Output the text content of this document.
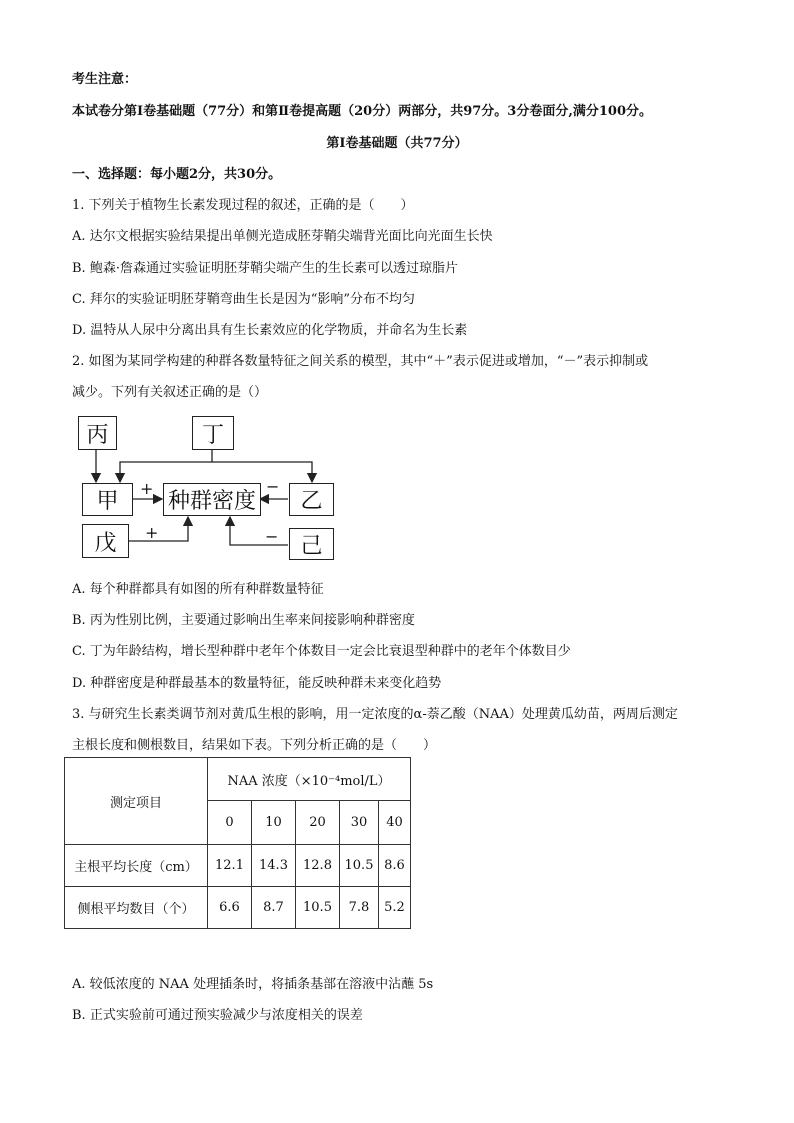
考生注意：
本试卷分第Ⅰ卷基础题（77分）和第Ⅱ卷提高题（20分）两部分，共97分。3分卷面分,满分100分。
第Ⅰ卷基础题（共77分）
一、选择题：每小题2分，共30分。
1. 下列关于植物生长素发现过程的叙述，正确的是（　　）
A. 达尔文根据实验结果提出单侧光造成胚芽鞘尖端背光面比向光面生长快
B. 鲍森·詹森通过实验证明胚芽鞘尖端产生的生长素可以透过琼脂片
C. 拜尔的实验证明胚芽鞘弯曲生长是因为“影响”分布不均匀
D. 温特从人尿中分离出具有生长素效应的化学物质，并命名为生长素
2. 如图为某同学构建的种群各数量特征之间关系的模型，其中“＋”表示促进或增加，“－”表示抑制或
减少。下列有关叙述正确的是（）
丙	丁
甲	种群密度	乙
戊	己
+	−
+	−
A. 每个种群都具有如图的所有种群数量特征
B. 丙为性别比例，主要通过影响出生率来间接影响种群密度
C. 丁为年龄结构，增长型种群中老年个体数目一定会比衰退型种群中的老年个体数目少
D. 种群密度是种群最基本的数量特征，能反映种群未来变化趋势
3. 与研究生长素类调节剂对黄瓜生根的影响，用一定浓度的α-萘乙酸（NAA）处理黄瓜幼苗，两周后测定
主根长度和侧根数目，结果如下表。下列分析正确的是（　　）
测定项目	NAA 浓度（×10⁻⁴mol/L）				
	0	10	20	30	40
主根平均长度（cm）	12.1	14.3	12.8	10.5	8.6
侧根平均数目（个）	6.6	8.7	10.5	7.8	5.2
A. 较低浓度的 NAA 处理插条时，将插条基部在溶液中沾蘸 5s
B. 正式实验前可通过预实验减少与浓度相关的误差
